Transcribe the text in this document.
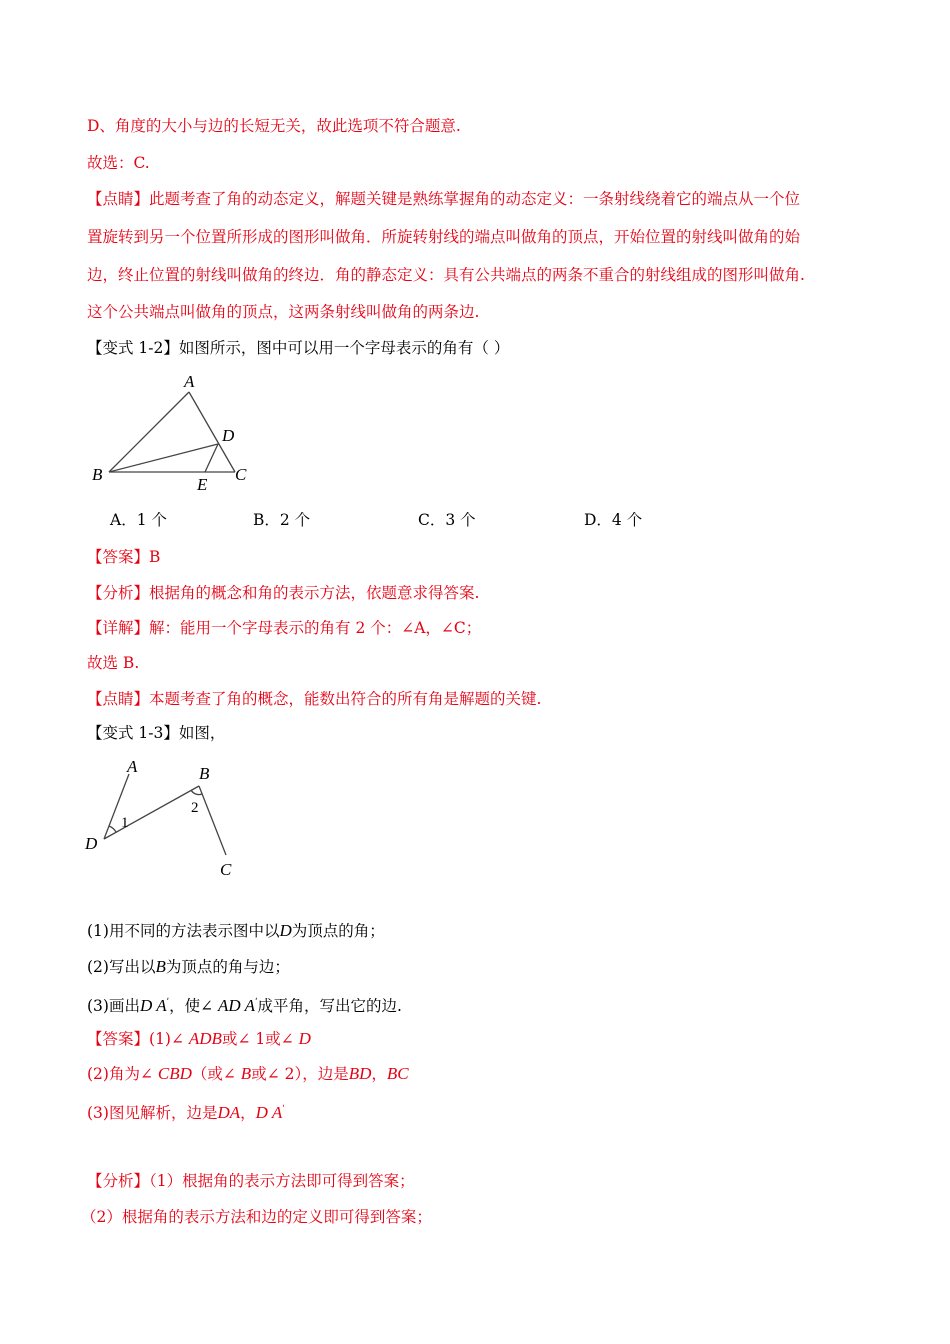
D、角度的大小与边的长短无关，故此选项不符合题意.
故选：C.
【点睛】此题考查了角的动态定义，解题关键是熟练掌握角的动态定义：一条射线绕着它的端点从一个位
置旋转到另一个位置所形成的图形叫做角．所旋转射线的端点叫做角的顶点，开始位置的射线叫做角的始
边，终止位置的射线叫做角的终边．角的静态定义：具有公共端点的两条不重合的射线组成的图形叫做角.
这个公共端点叫做角的顶点，这两条射线叫做角的两条边.
【变式 1-2】如图所示，图中可以用一个字母表示的角有（ ）
A
D
B	C
E
A．1 个	B．2 个	C．3 个	D．4 个
【答案】B
【分析】根据角的概念和角的表示方法，依题意求得答案.
【详解】解：能用一个字母表示的角有 2 个：∠A，∠C；
故选 B.
【点睛】本题考查了角的概念，能数出符合的所有角是解题的关键.
【变式 1-3】如图，
A	B
D
C
1
2
(1)用不同的方法表示图中以D为顶点的角；
(2)写出以B为顶点的角与边；
(3)画出D $A^ʹ$，使∠ AD $A^ʹ$成平角，写出它的边.
【答案】(1)∠ ADB或∠ 1或∠ D
(2)角为∠ CBD（或∠ B或∠ 2），边是BD，BC
(3)图见解析，边是DA，D $A^ʹ$
【分析】（1）根据角的表示方法即可得到答案；
（2）根据角的表示方法和边的定义即可得到答案；
